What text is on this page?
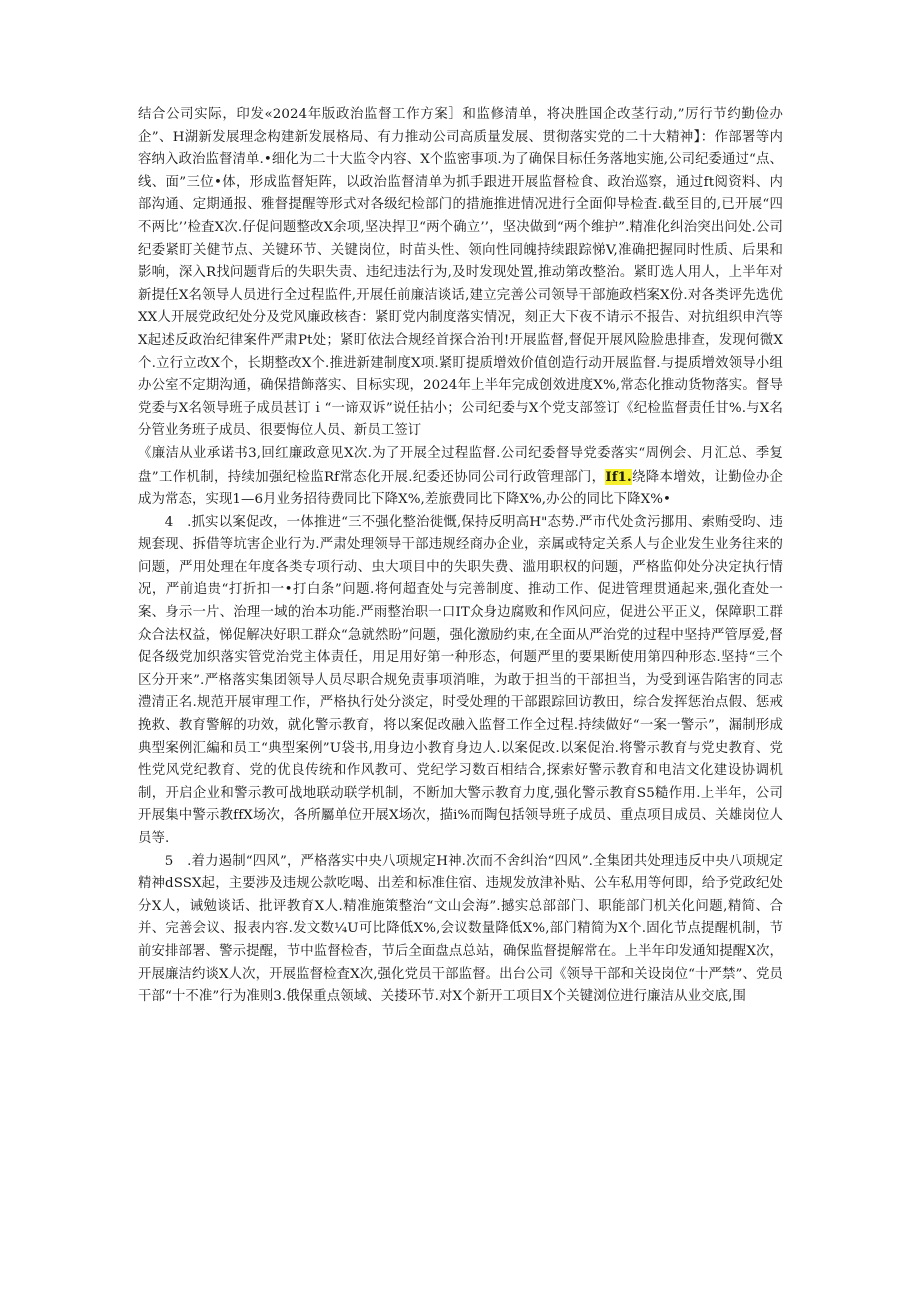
结合公司实际，印发«2024年版政治监督工作方案］和监修清单，将决胜国企改茎行动,”厉行节约勤俭办企”、H湖新发展理念构建新发展格局、有力推动公司高质量发展、贯彻落实党的二十大精神】：作部署等内容纳入政治监督清单.•细化为二十大监令内容、X个监密事项.为了确保目标任务落地实施,公司纪委通过“点、线、面”三位•体，形成监督矩阵，以政治监督清单为抓手跟进开展监督检食、政治巡察，通过ft阅资料、内部沟通、定期通报、雅督提醒等形式对各级纪检部门的措施推进情况进行全面仰导检査.截至目的,已开展“四不两比’’检査X次.仔促问题整改X余项,坚决捍卫“两个确立’’，坚决做到“两个维护”.精准化纠治突出问处.公司纪委紧盯关健节点、关键环节、关键岗位，时苗头性、领向性同魄持续跟踪悌V,准确把握同时性质、后果和影响，深入R找问题背后的失职失责、违纪违法行为,及时发现处置,推动第改整治。紧盯选人用人，上半年对新提任X名领导人员进行全过程监件,开展任前廉洁谈话,建立完善公司领导干部施政档案X份.对各类评先选优XX人开展党政纪处分及党风廉政核杳：紧盯党内制度落实情况，刻正大下夜不请示不报告、对抗组织申汽等X起述反政治纪律案件严肃Pt处；紧盯依法合规经首探合治刊!开展监督,督促开展风险脸患排查，发现何微X个.立行立改X个，长期整改X个.推进新建制度X项.紧盯提质增效价值创造行动开展监督.与提质增效领导小组办公室不定期沟通，确保措飾落实、目标实现，2024年上半年完成创效进度X%,常态化推动货物落实。督导党委与X名领导班子成员甚订ｉ“一谛双诉”说任拈小；公司纪委与X个党支部签订《纪检监督责任甘%.与X名分管业务班子成员、很要悔位人员、新员工签订

《廉洁从业承诺书3,回红廉政意见X次.为了开展全过程监督.公司纪委督导党委落实“周例会、月汇总、季复盘”工作机制，持续加强纪检监Rf常态化开展.纪委还协同公司行政管理部门，If1.绕降本增效，让勤俭办企成为常态，实现1—6月业务招待费同比下降X%,差旅费同比下降X%,办公的同比下降X%•

4　.抓实以案促改，一体推进“三不强化整治徙慨,保持反明高H"态势.严市代处贪污挪用、索贿受昀、违规套现、拆借等坑害企业行为.严肃处理领导干部违规经商办企业，亲属或特定关系人与企业发生业务往来的问题，严用处理在年度各类专项行动、虫大项目中的失职失费、滥用职权的问题，严格监仰处分决定执行情况，严前追贵“打折扣一•打白条”问题.将何超査处与完善制度、推动工作、促进管理贯通起来,强化査处一案、身示一片、治理一域的治本功能.严雨整治职一口IT众身边腐败和作风问应，促进公平正义，保障职工群众合法权益，悌促解决好职工群众“急就然盼”问题，强化激励约束,在全面从严治党的过程中坚持严管厚爱,督促各级党加织落实管党治党主体责任，用足用好第一种形态，何题严里的要果断使用第四种形态.坚持“三个区分开来”.严格落实集团领导人员尽职合规免责事项消唯，为敢于担当的干部担当，为受到诬告陷害的同志澧清正名.规范开展审理工作，严格执行处分淡定，时受处理的干部跟踪回访教田，综合发挥惩治点假、惩戒挽救、教育警解的功效，就化警示教育，将以案促改融入监督工作全过程.持续做好“一案一警示”，漏制形成典型案例汇編和员工“典型案例”U袋书,用身边小教育身边人.以案促改.以案促治.将警示教育与党史教育、党性党风党纪教育、党的优良传统和作风教可、党纪学习数百相结合,探索好警示教育和电洁文化建设协调机制，开启企业和警示教可战地联动联学机制，不断加大警示教育力度,强化警示教育S5糙作用.上半年，公司开展集中警示教ffX场次，各所屬单位开展X场次，描i%而陶包括领导班子成员、重点项目成员、关雄岗位人员等.

5　.着力遏制“四风”，严格落实中央八项规定H神.次而不舍纠治“四风”.全集团共处理违反中央八项规定精神dSSX起，主要涉及违规公款吃喝、出差和标准住宿、违规发放津补贴、公车私用等何即，给予党政纪处分X人，诫勉谈话、批评教育X人.精准施策整治“文山会海”.撼实总部部门、职能部门机关化问题,精简、合并、完善会议、报表内容.发文数¼U可比降低X%,会议数量降低X%,部门精简为X个.固化节点提醒机制，节前安排部署、警示提醒，节中监督检杳，节后全面盘点总站，确保监督提解常在。上半年印发通知提醒X次，开展廉洁约谈X人次，开展监督检査X次,强化党员干部监督。出台公司《领导干部和关设岗位“十严禁”、党员干部“十不准”行为准则3.俄保重点领域、关搂环节.对X个新开工项目X个关键浏位进行廉洁从业交底,围
